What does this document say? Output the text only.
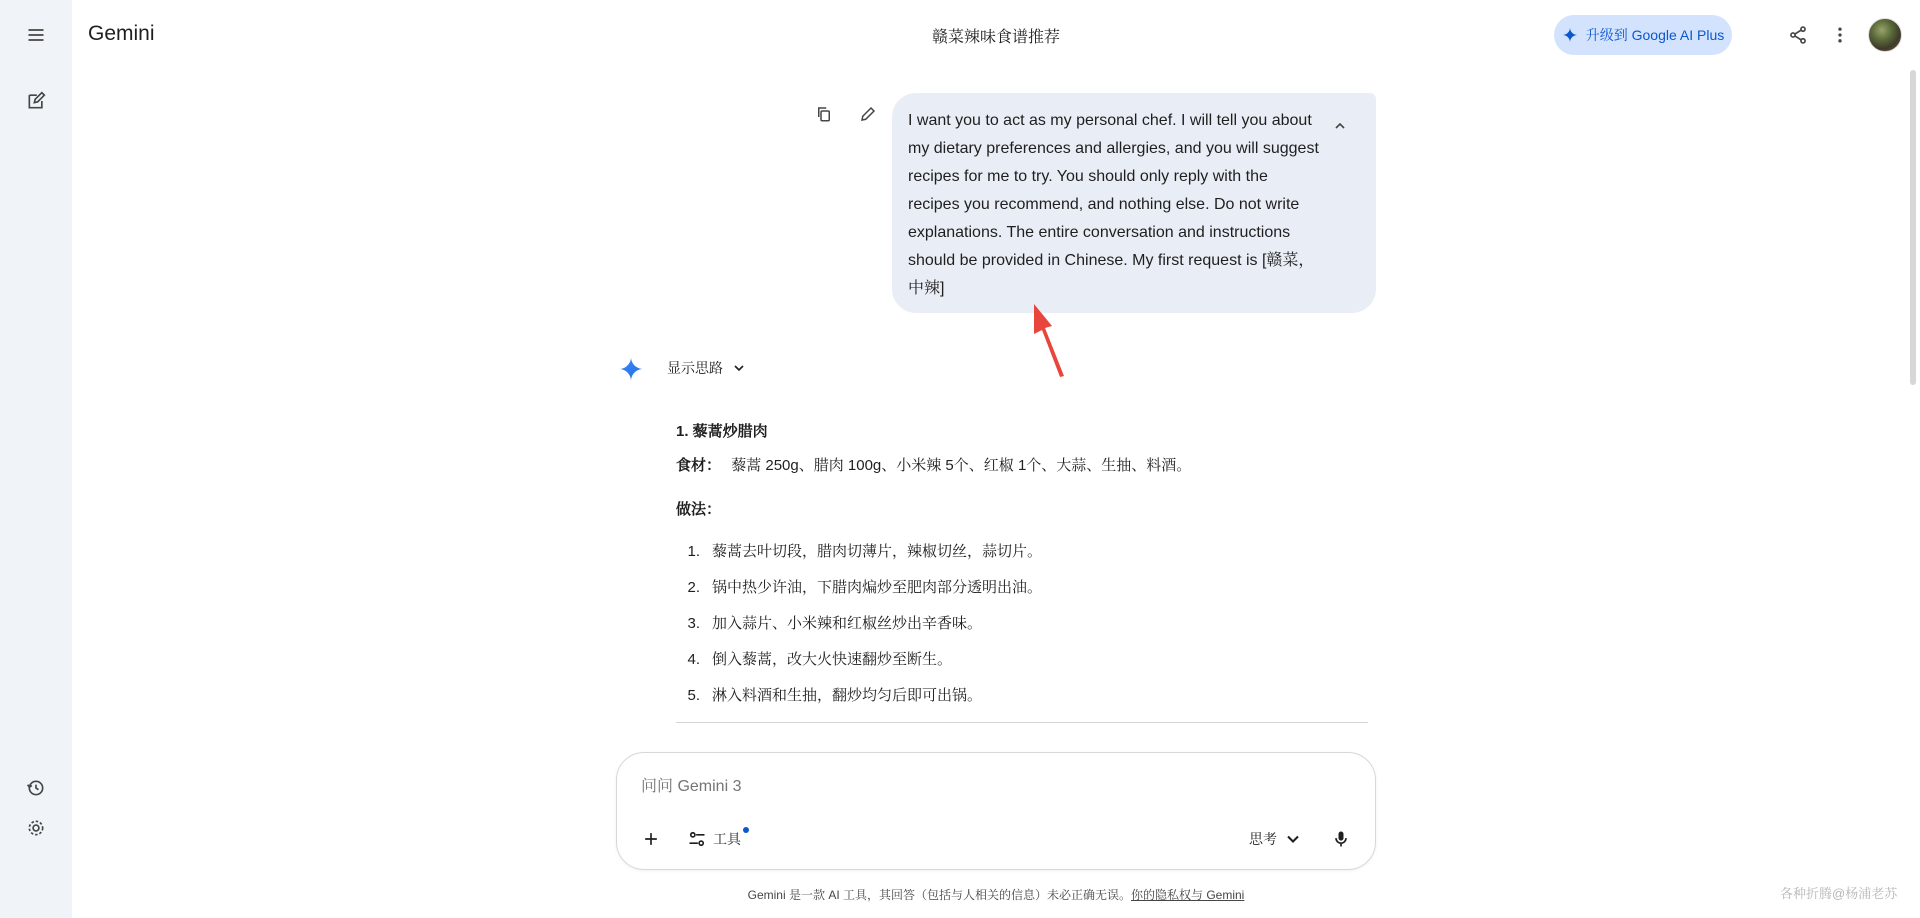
Gemini	赣菜辣味食谱推荐	升级到 Google AI Plus
I want you to act as my personal chef. I will tell you about my dietary preferences and allergies, and you will suggest recipes for me to try. You should only reply with the recipes you recommend, and nothing else. Do not write explanations. The entire conversation and instructions should be provided in Chinese. My first request is [赣菜，中辣]
显示思路
1. 藜蒿炒腊肉
食材： 藜蒿 250g、腊肉 100g、小米辣 5个、红椒 1个、大蒜、生抽、料酒。
做法：
1. 藜蒿去叶切段，腊肉切薄片，辣椒切丝，蒜切片。
2. 锅中热少许油，下腊肉煸炒至肥肉部分透明出油。
3. 加入蒜片、小米辣和红椒丝炒出辛香味。
4. 倒入藜蒿，改大火快速翻炒至断生。
5. 淋入料酒和生抽，翻炒均匀后即可出锅。
问问 Gemini 3
工具	思考
Gemini 是一款 AI 工具，其回答（包括与人相关的信息）未必正确无误。你的隐私权与 Gemini	各种折腾@杨浦老苏
